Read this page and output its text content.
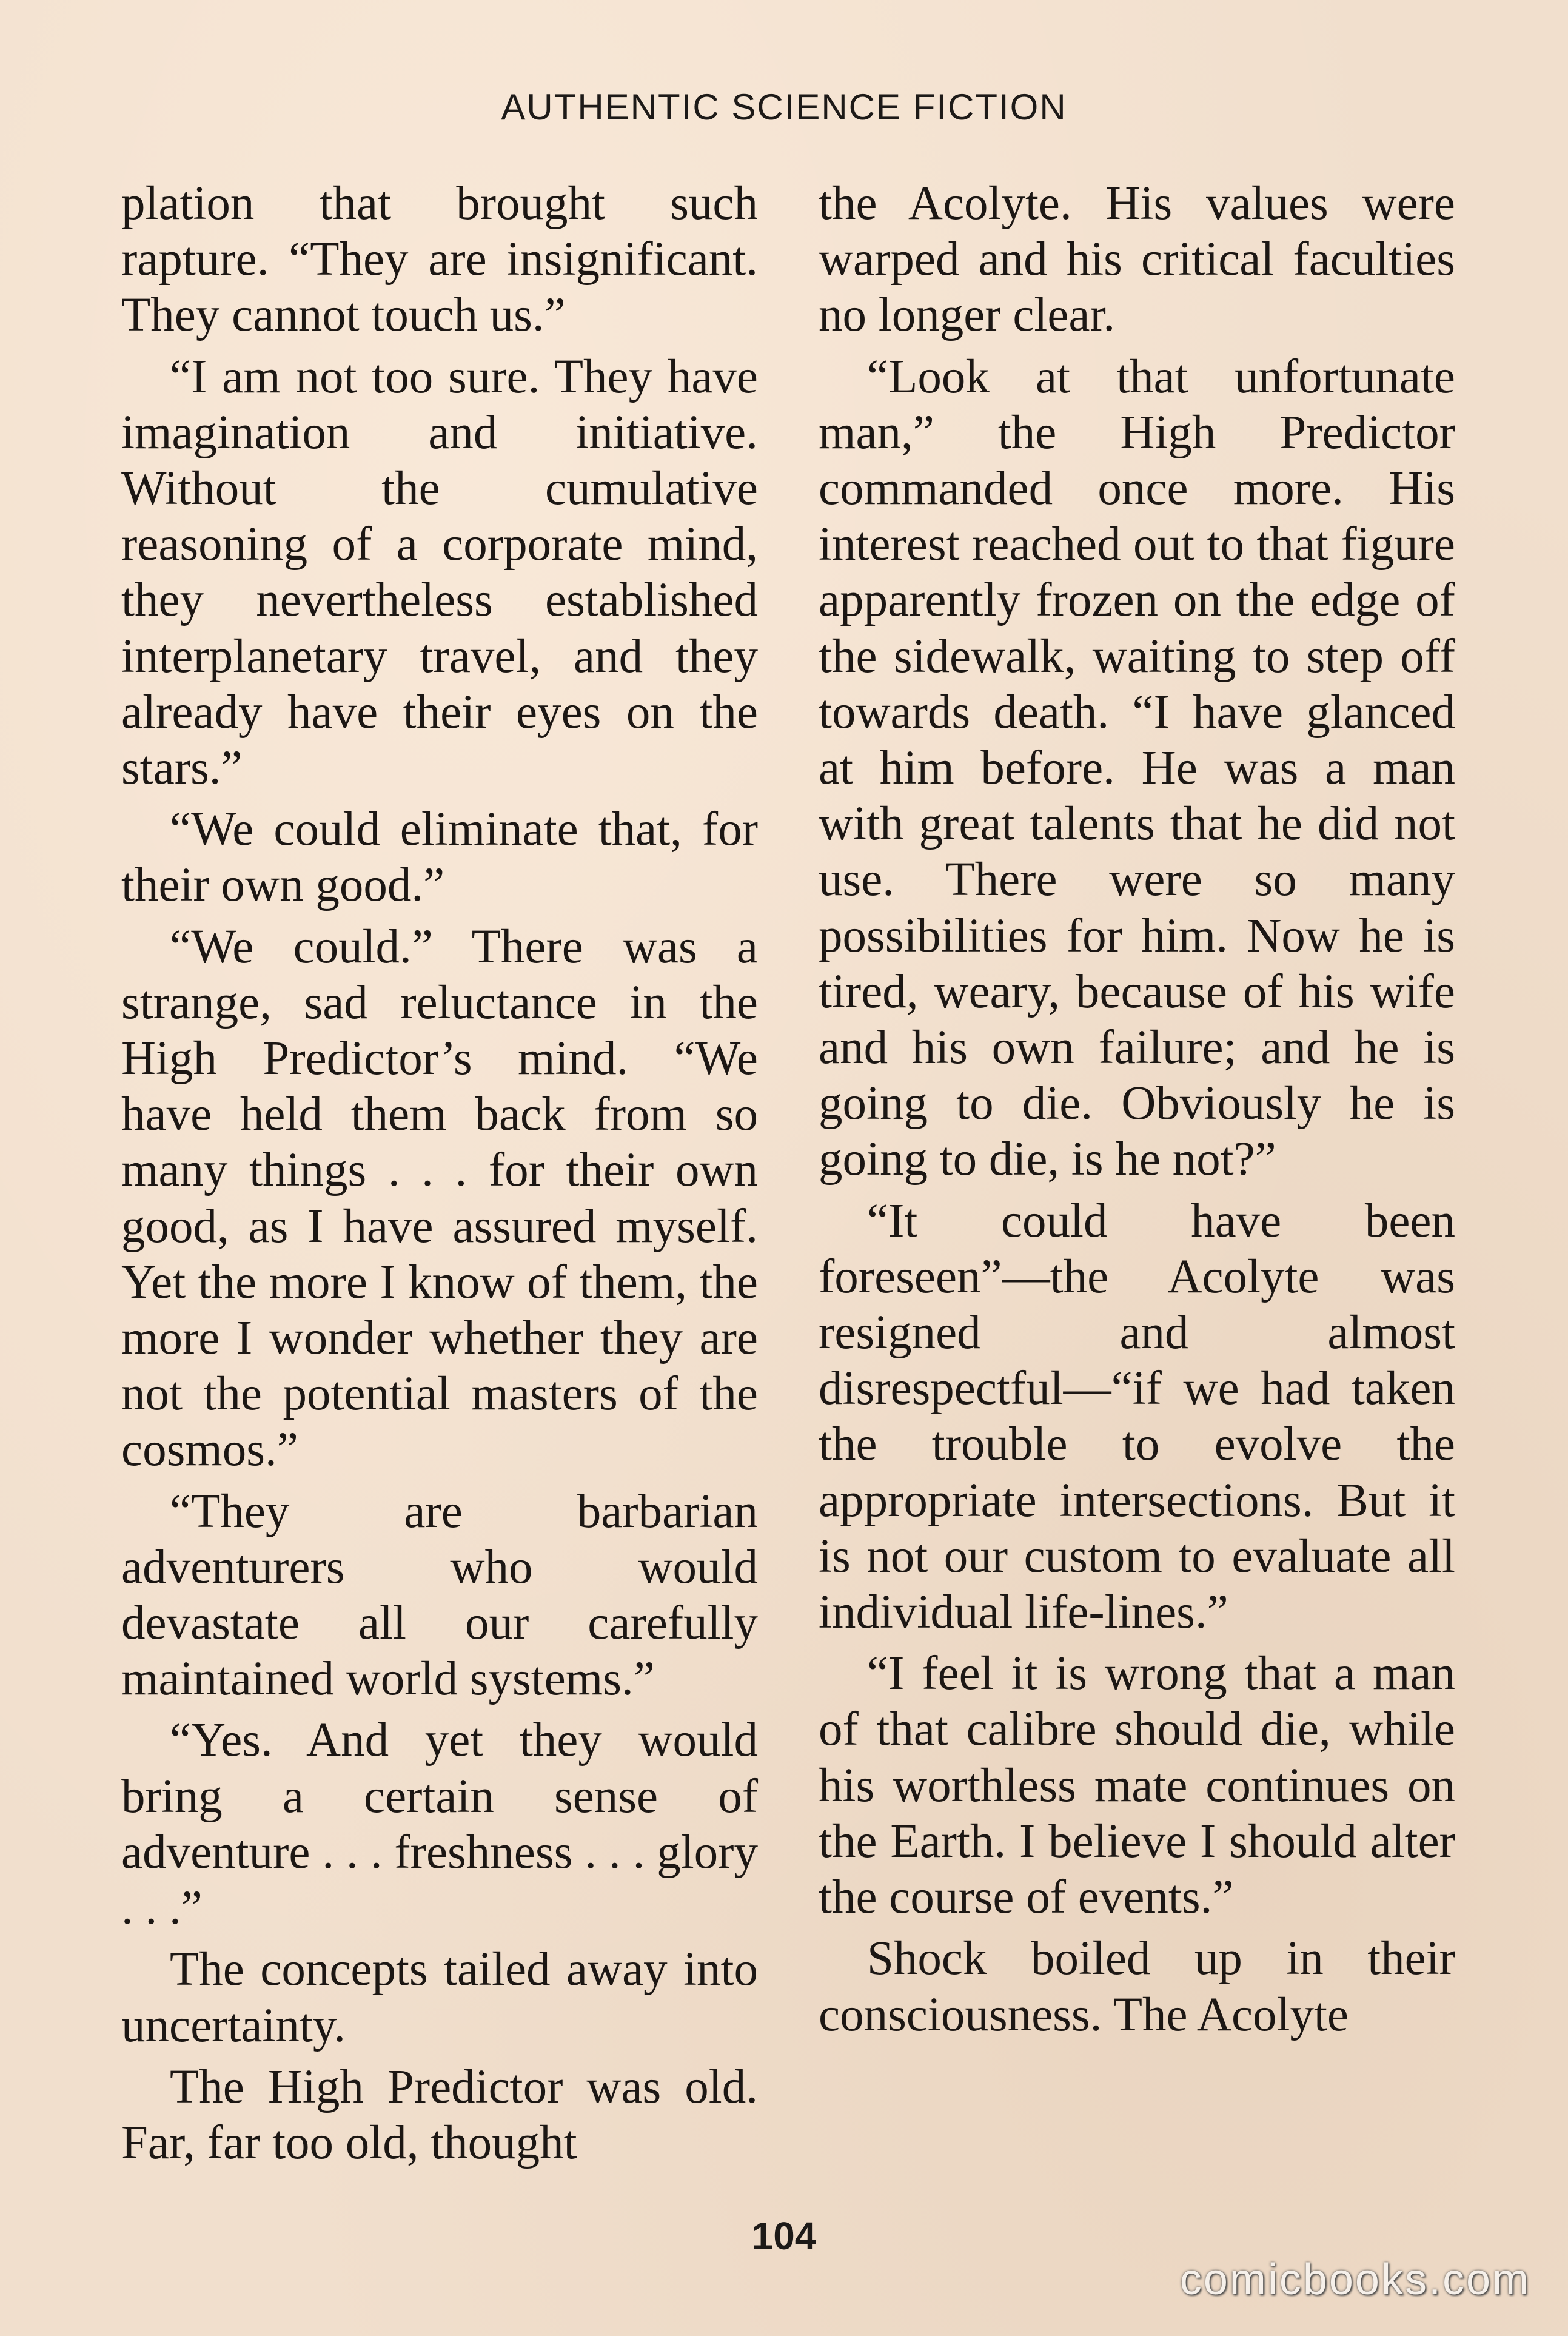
AUTHENTIC SCIENCE FICTION

plation that brought such rapture. “They are insignificant. They cannot touch us.”

“I am not too sure. They have imagination and initiative. Without the cumulative reasoning of a corporate mind, they nevertheless established interplanetary travel, and they already have their eyes on the stars.”

“We could eliminate that, for their own good.”

“We could.” There was a strange, sad reluctance in the High Predictor’s mind. “We have held them back from so many things . . . for their own good, as I have assured myself. Yet the more I know of them, the more I wonder whether they are not the potential masters of the cosmos.”

“They are barbarian adventurers who would devastate all our carefully maintained world systems.”

“Yes. And yet they would bring a certain sense of adventure . . . freshness . . . glory . . .”

The concepts tailed away into uncertainty.

The High Predictor was old. Far, far too old, thought

the Acolyte. His values were warped and his critical faculties no longer clear.

“Look at that unfortunate man,” the High Predictor commanded once more. His interest reached out to that figure apparently frozen on the edge of the sidewalk, waiting to step off towards death. “I have glanced at him before. He was a man with great talents that he did not use. There were so many possibilities for him. Now he is tired, weary, because of his wife and his own failure; and he is going to die. Obviously he is going to die, is he not?”

“It could have been foreseen”—the Acolyte was resigned and almost disrespectful—“if we had taken the trouble to evolve the appropriate intersections. But it is not our custom to evaluate all individual life-lines.”

“I feel it is wrong that a man of that calibre should die, while his worthless mate continues on the Earth. I believe I should alter the course of events.”

Shock boiled up in their consciousness. The Acolyte

104
comicbooks.com
